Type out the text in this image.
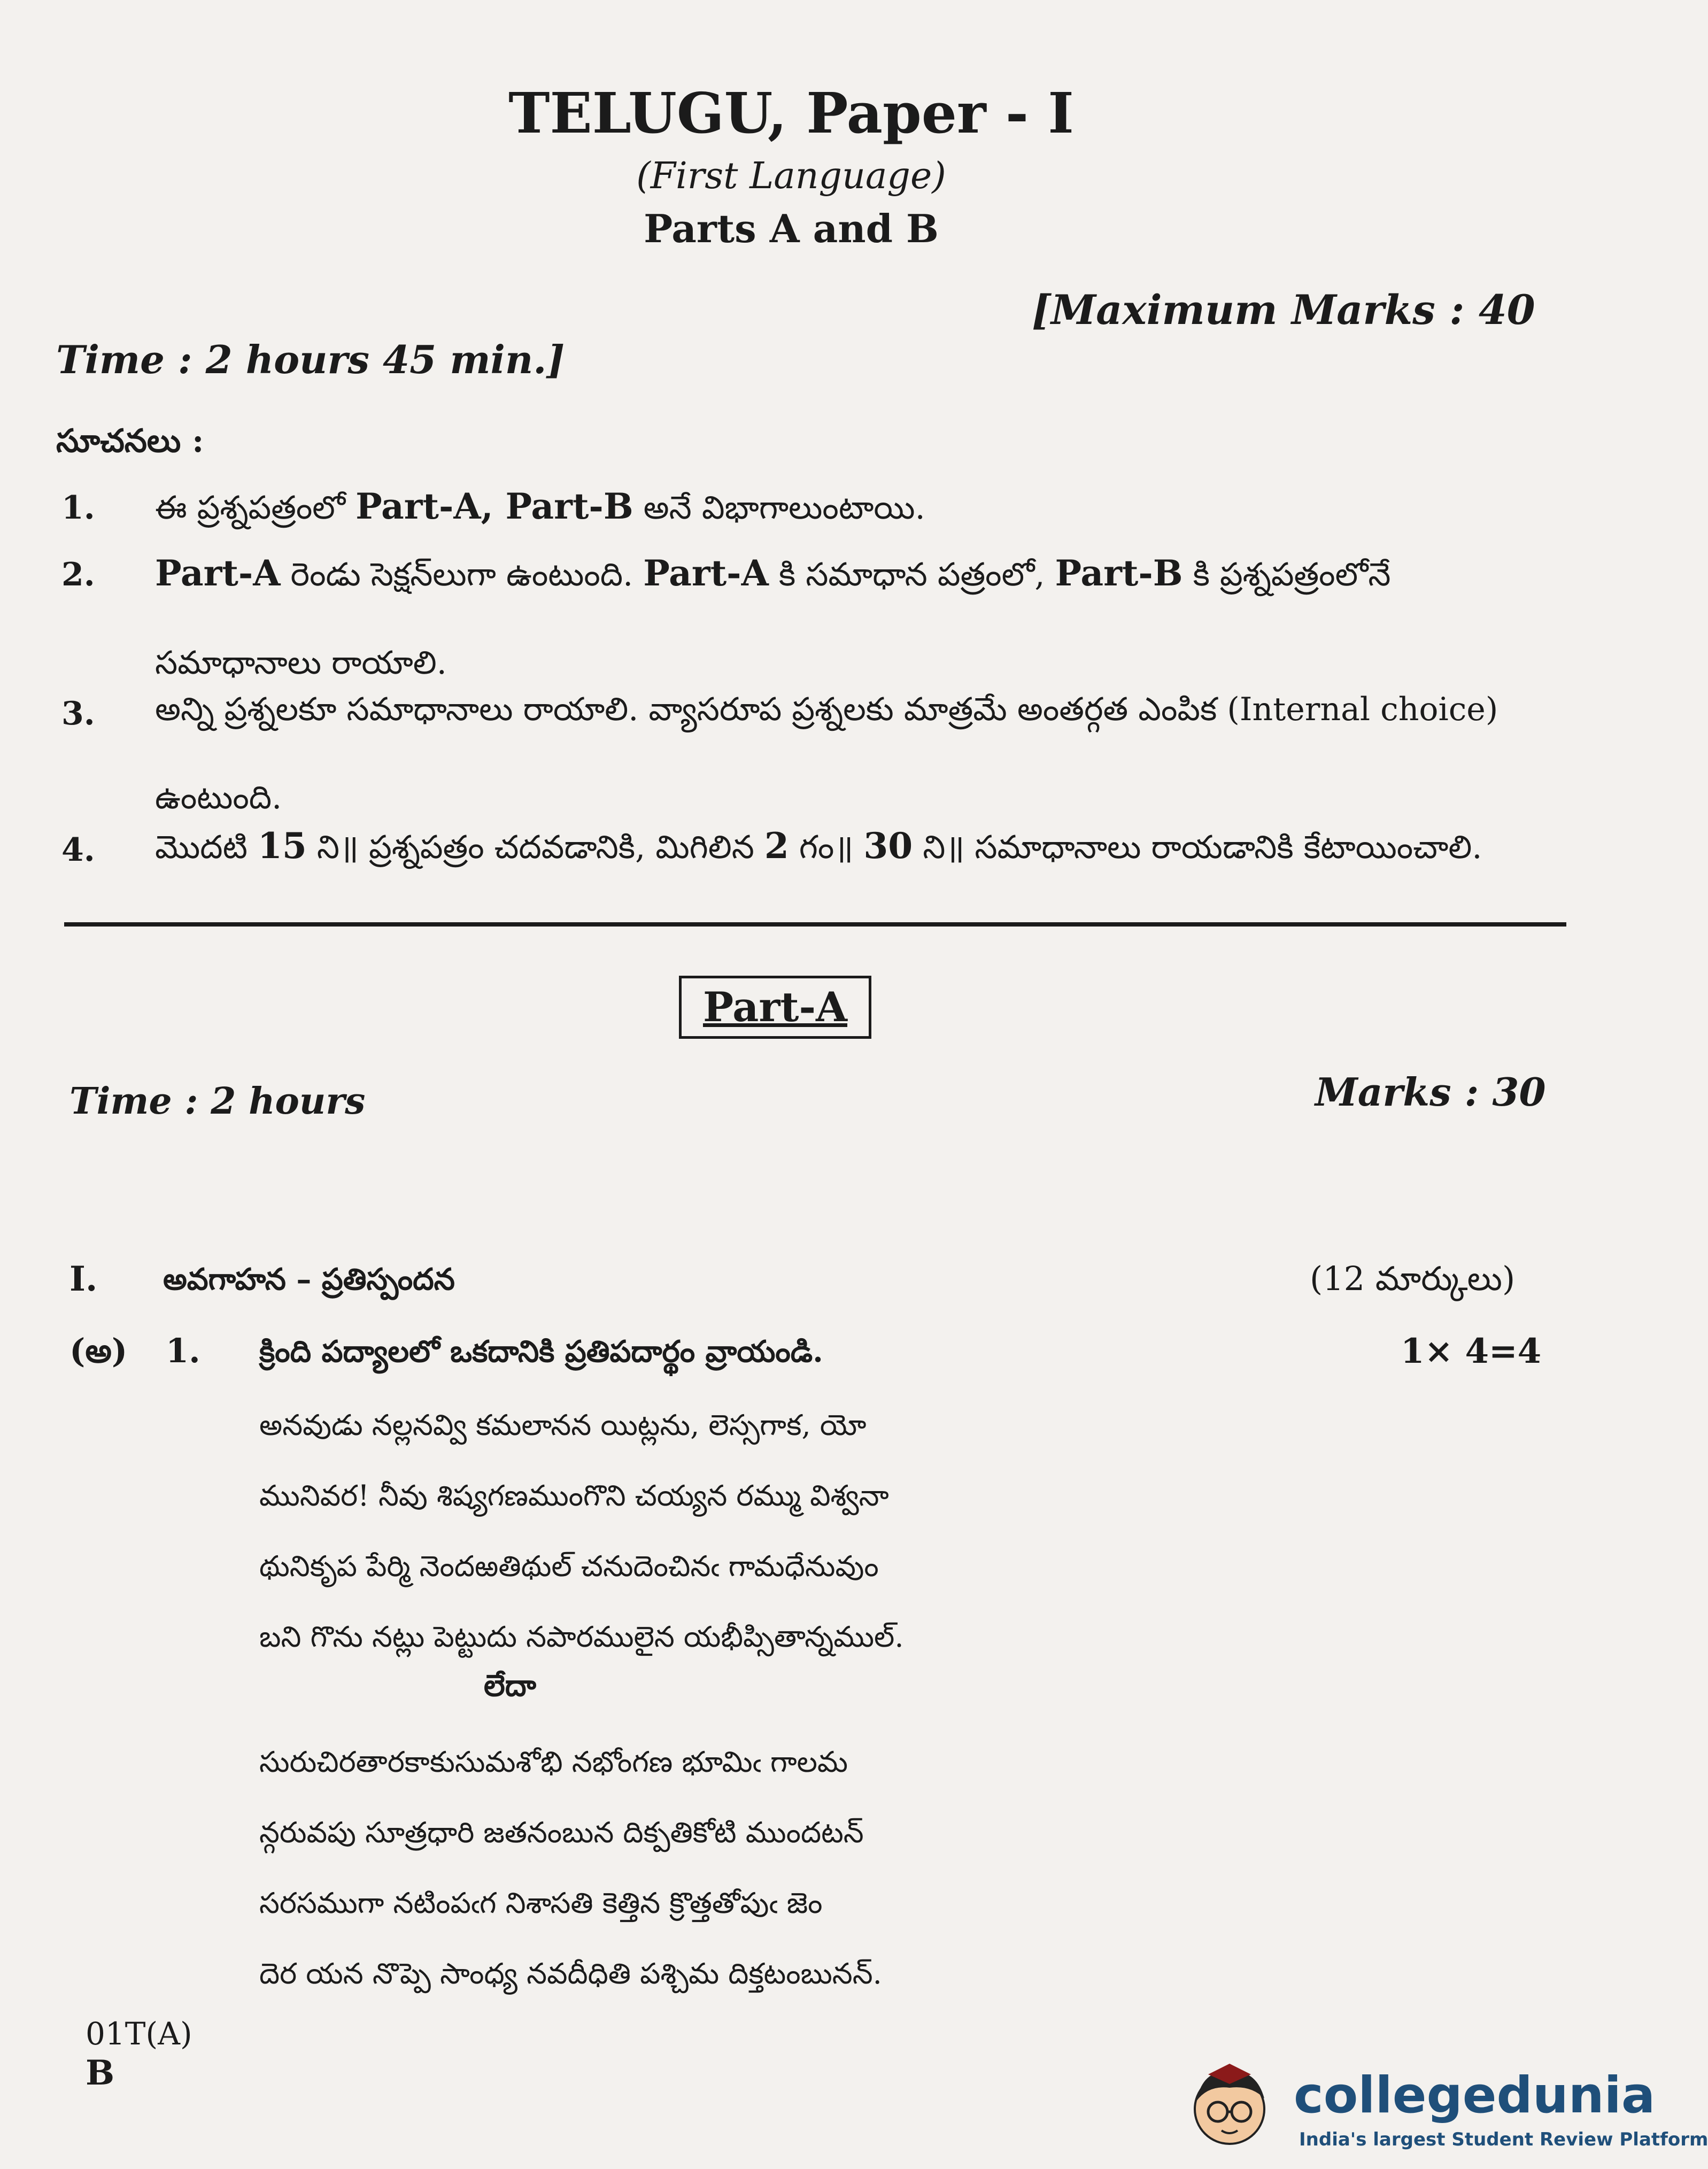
TELUGU, Paper - I
(First Language)
Parts A and B
[Maximum Marks : 40
Time : 2 hours 45 min.]
సూచనలు :
1. ఈ ప్రశ్నపత్రంలో Part-A, Part-B అనే విభాగాలుంటాయి.
2. Part-A రెండు సెక్షన్‌లుగా ఉంటుంది. Part-A కి సమాధాన పత్రంలో, Part-B కి ప్రశ్నపత్రంలోనే సమాధానాలు రాయాలి.
3. అన్ని ప్రశ్నలకూ సమాధానాలు రాయాలి. వ్యాసరూప ప్రశ్నలకు మాత్రమే అంతర్గత ఎంపిక (Internal choice) ఉంటుంది.
4. మొదటి 15 ని॥ ప్రశ్నపత్రం చదవడానికి, మిగిలిన 2 గం॥ 30 ని॥ సమాధానాలు రాయడానికి కేటాయించాలి.
Part-A
Time : 2 hours	Marks : 30
I. అవగాహన – ప్రతిస్పందన	(12 మార్కులు)
(అ) 1. క్రింది పద్యాలలో ఒకదానికి ప్రతిపదార్థం వ్రాయండి.	1× 4=4
అనవుడు నల్లనవ్వి కమలానన యిట్లను, లెస్సగాక, యో
మునివర! నీవు శిష్యగణముంగొని చయ్యన రమ్ము విశ్వనా
థునికృప పేర్మి నెందఱతిథుల్ చనుదెంచినఁ గామధేనువుం
బని గొను నట్లు పెట్టుదు నపారములైన యభీప్సితాన్నముల్.
లేదా
సురుచిరతారకాకుసుమశోభి నభోంగణ భూమిఁ గాలమ
న్గరువపు సూత్రధారి జతనంబున దిక్పతికోటి ముందటన్
సరసముగా నటింపఁగ నిశాసతి కెత్తిన క్రొత్తతోపుఁ జెం
దెర యన నొప్పె సాంధ్య నవదీధితి పశ్చిమ దిక్తటంబునన్.
01T(A)
B	collegedunia
India's largest Student Review Platform
